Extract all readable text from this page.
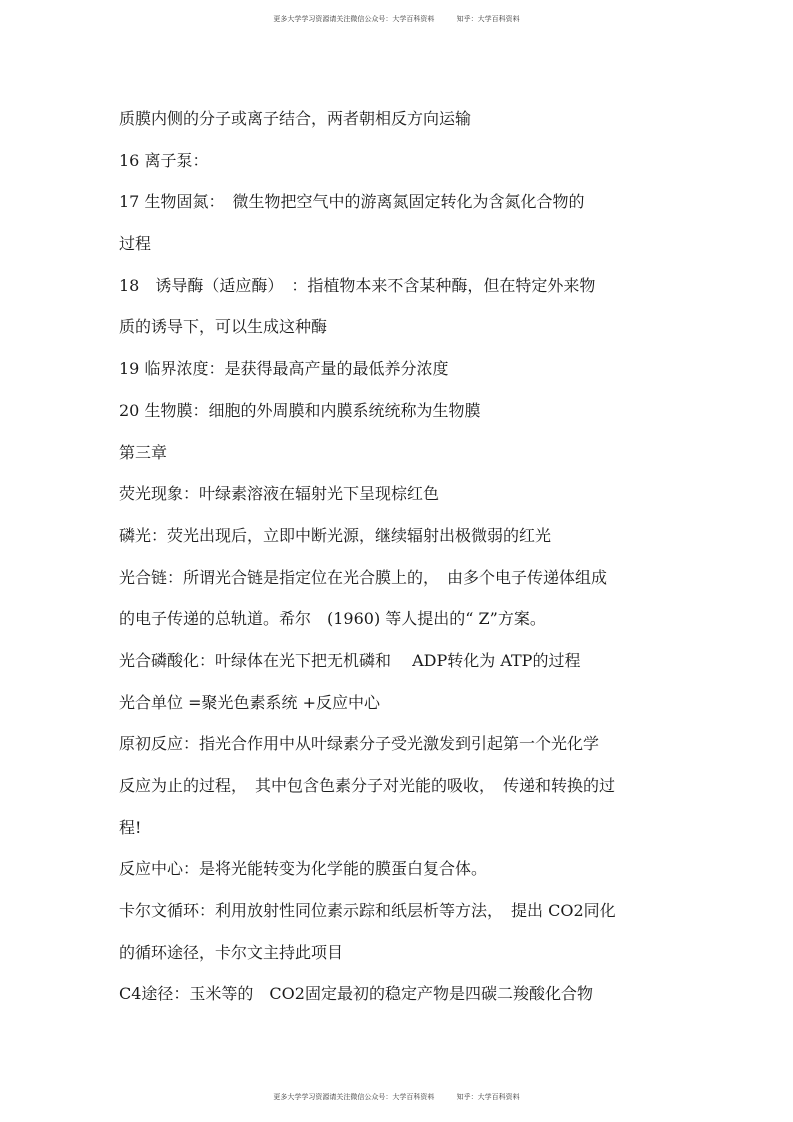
更多大学学习资源请关注微信公众号：大学百科资料	知乎：大学百科资料
质膜内侧的分子或离子结合，两者朝相反方向运输
16 离子泵：
17 生物固氮：　微生物把空气中的游离氮固定转化为含氮化合物的
过程
18　诱导酶（适应酶）　：指植物本来不含某种酶，但在特定外来物
质的诱导下，可以生成这种酶
19 临界浓度：是获得最高产量的最低养分浓度
20 生物膜：细胞的外周膜和内膜系统统称为生物膜
第三章
荧光现象：叶绿素溶液在辐射光下呈现棕红色
磷光：荧光出现后，立即中断光源，继续辐射出极微弱的红光
光合链：所谓光合链是指定位在光合膜上的，　由多个电子传递体组成
的电子传递的总轨道。希尔　(1960) 等人提出的“ Z”方案。
光合磷酸化：叶绿体在光下把无机磷和　 ADP转化为 ATP的过程
光合单位 =聚光色素系统 +反应中心
原初反应：指光合作用中从叶绿素分子受光激发到引起第一个光化学
反应为止的过程，　其中包含色素分子对光能的吸收，　传递和转换的过
程!
反应中心：是将光能转变为化学能的膜蛋白复合体。
卡尔文循环：利用放射性同位素示踪和纸层析等方法，　提出 CO2同化
的循环途径，卡尔文主持此项目
C4途径：玉米等的　CO2固定最初的稳定产物是四碳二羧酸化合物
更多大学学习资源请关注微信公众号：大学百科资料	知乎：大学百科资料
